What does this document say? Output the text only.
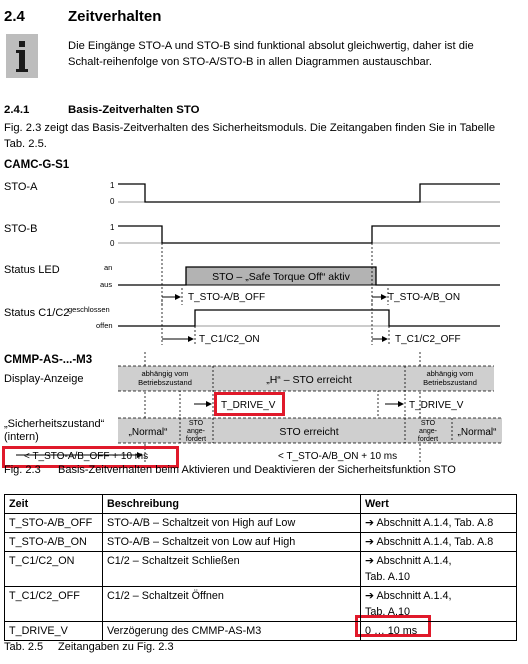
2.4	Zeitverhalten
Die Eingänge STO-A und STO-B sind funktional absolut gleichwertig, daher ist die Schalt-reihenfolge von STO-A/STO-B in allen Diagrammen austauschbar.
2.4.1	Basis-Zeitverhalten STO
Fig. 2.3 zeigt das Basis-Zeitverhalten des Sicherheitsmoduls. Die Zeitangaben finden Sie in Tabelle Tab. 2.5.
CAMC-G-S1
STO-A	1
0
STO-B	1
0
Status LED	an
aus
STO – „Safe Torque Off“ aktiv
Status C1/C2
geschlossen
offen
T_STO-A/B_OFF	T_STO-A/B_ON
T_C1/C2_ON	T_C1/C2_OFF
CMMP-AS-...-M3
Display-Anzeige	abhängig vom
Betriebszustand	„H“ – STO erreicht
abhängig vom
Betriebszustand
T_DRIVE_V	T_DRIVE_V
„Sicherheitszustand“
(intern)	„Normal“
STO
ange-
fordert
STO erreicht
STO
ange-
fordert
„Normal“
< T_STO-A/B_OFF + 10 ms	< T_STO-A/B_ON + 10 ms
Fig. 2.3 Basis-Zeitverhalten beim Aktivieren und Deaktivieren der Sicherheitsfunktion STO
Zeit	Beschreibung	Wert
T_STO-A/B_OFF	STO-A/B – Schaltzeit von High auf Low	➔ Abschnitt A.1.4, Tab. A.8
T_STO-A/B_ON	STO-A/B – Schaltzeit von Low auf High	➔ Abschnitt A.1.4, Tab. A.8
T_C1/C2_ON	C1/2 – Schaltzeit Schließen	➔ Abschnitt A.1.4,
Tab. A.10

T_C1/C2_OFF	C1/2 – Schaltzeit Öffnen	➔ Abschnitt A.1.4,
Tab. A.10

T_DRIVE_V	Verzögerung des CMMP-AS-M3	0 … 10 ms
Tab. 2.5 Zeitangaben zu Fig. 2.3
